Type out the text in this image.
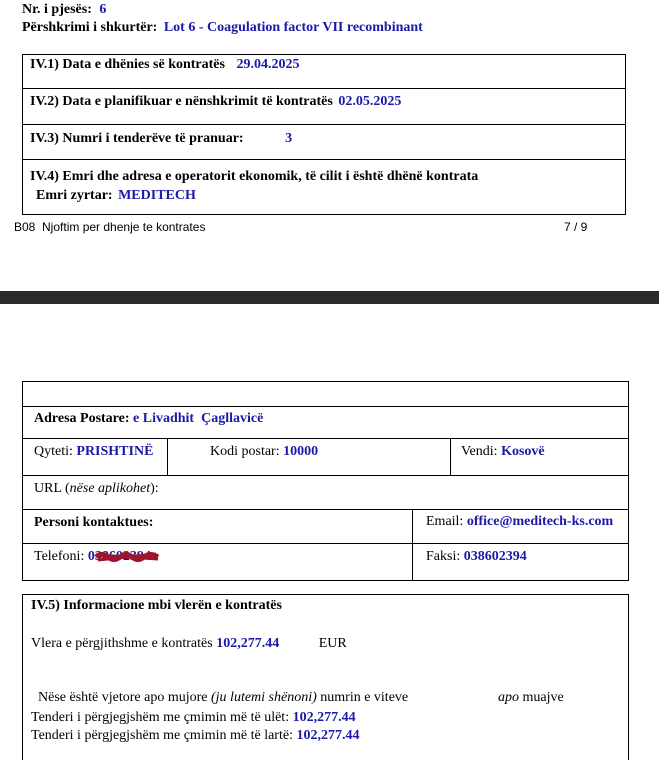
Nr. i pjesës: 6
Përshkrimi i shkurtër: Lot 6 - Coagulation factor VII recombinant
IV.1) Data e dhënies së kontratës 29.04.2025
IV.2) Data e planifikuar e nënshkrimit të kontratës 02.05.2025
IV.3) Numri i tenderëve të pranuar:	3
IV.4) Emri dhe adresa e operatorit ekonomik, të cilit i është dhënë kontrata
Emri zyrtar: MEDITECH
B08  Njoftim per dhenje te kontrates	7 / 9
Adresa Postare: e Livadhit  Çagllavicë
Qyteti: PRISHTINË	Kodi postar: 10000	Vendi: Kosovë
URL (nëse aplikohet):
Personi kontaktues:	Email: office@meditech-ks.com
Telefoni: 038602394	Faksi: 038602394
IV.5) Informacione mbi vlerën e kontratës
Vlera e përgjithshme e kontratës 102,277.44	EUR

Nëse është vjetore apo mujore (ju lutemi shënoni) numrin e viteve	apo muajve

Tenderi i përgjegjshëm me çmimin më të ulët: 102,277.44
Tenderi i përgjegjshëm me çmimin më të lartë: 102,277.44
